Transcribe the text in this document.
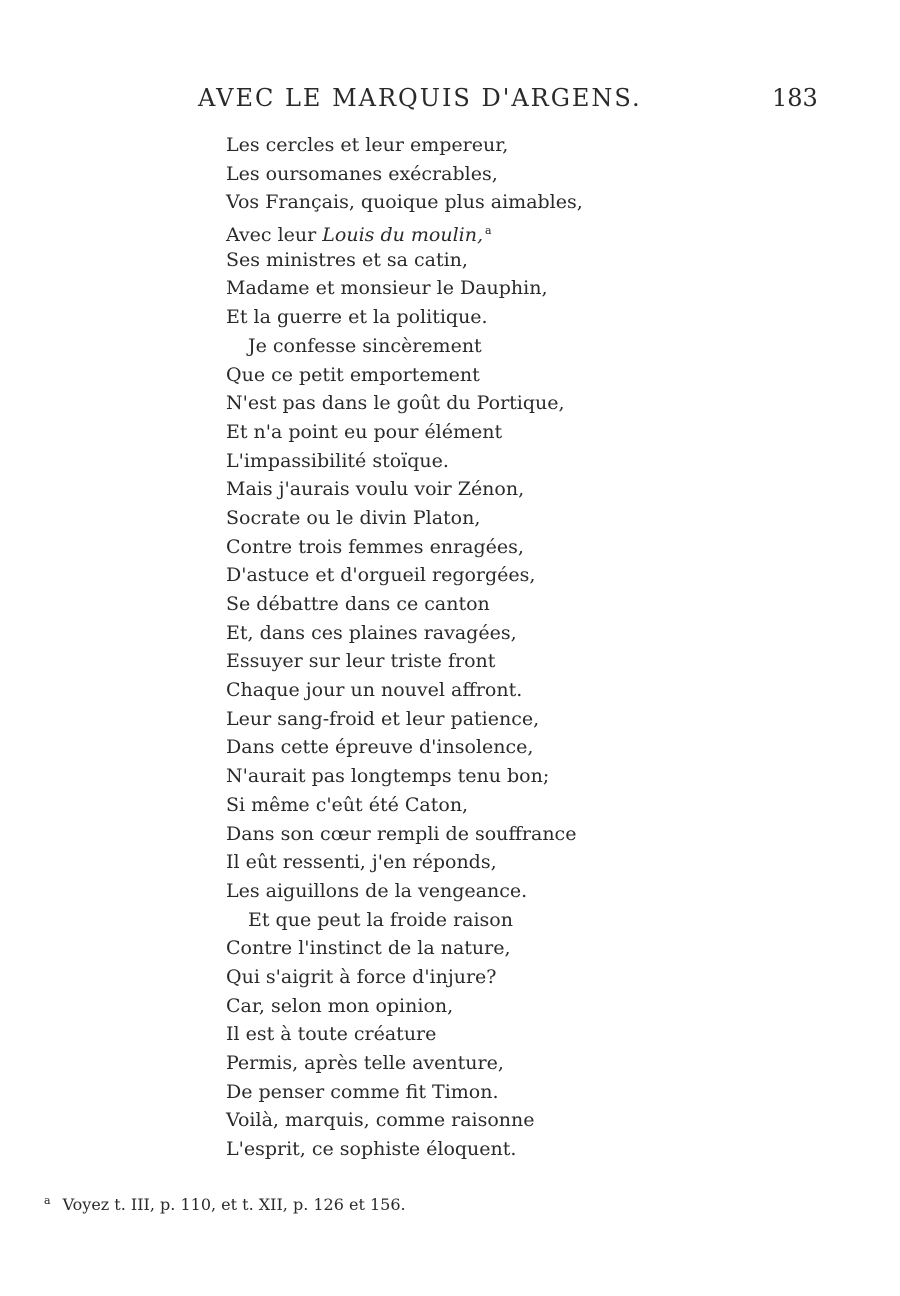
AVEC LE MARQUIS D'ARGENS.	183
Les cercles et leur empereur,
Les oursomanes exécrables,
Vos Français, quoique plus aimables,
Avec leur Louis du moulin, $^a$
Ses ministres et sa catin,
Madame et monsieur le Dauphin,
Et la guerre et la politique.
Je confesse sincèrement
Que ce petit emportement
N'est pas dans le goût du Portique,
Et n'a point eu pour élément
L'impassibilité stoïque.
Mais j'aurais voulu voir Zénon,
Socrate ou le divin Platon,
Contre trois femmes enragées,
D'astuce et d'orgueil regorgées,
Se débattre dans ce canton
Et, dans ces plaines ravagées,
Essuyer sur leur triste front
Chaque jour un nouvel affront.
Leur sang-froid et leur patience,
Dans cette épreuve d'insolence,
N'aurait pas longtemps tenu bon;
Si même c'eût été Caton,
Dans son cœur rempli de souffrance
Il eût ressenti, j'en réponds,
Les aiguillons de la vengeance.
Et que peut la froide raison
Contre l'instinct de la nature,
Qui s'aigrit à force d'injure?
Car, selon mon opinion,
Il est à toute créature
Permis, après telle aventure,
De penser comme fit Timon.
Voilà, marquis, comme raisonne
L'esprit, ce sophiste éloquent.
$^a$ Voyez t. III, p. 110, et t. XII, p. 126 et 156.
